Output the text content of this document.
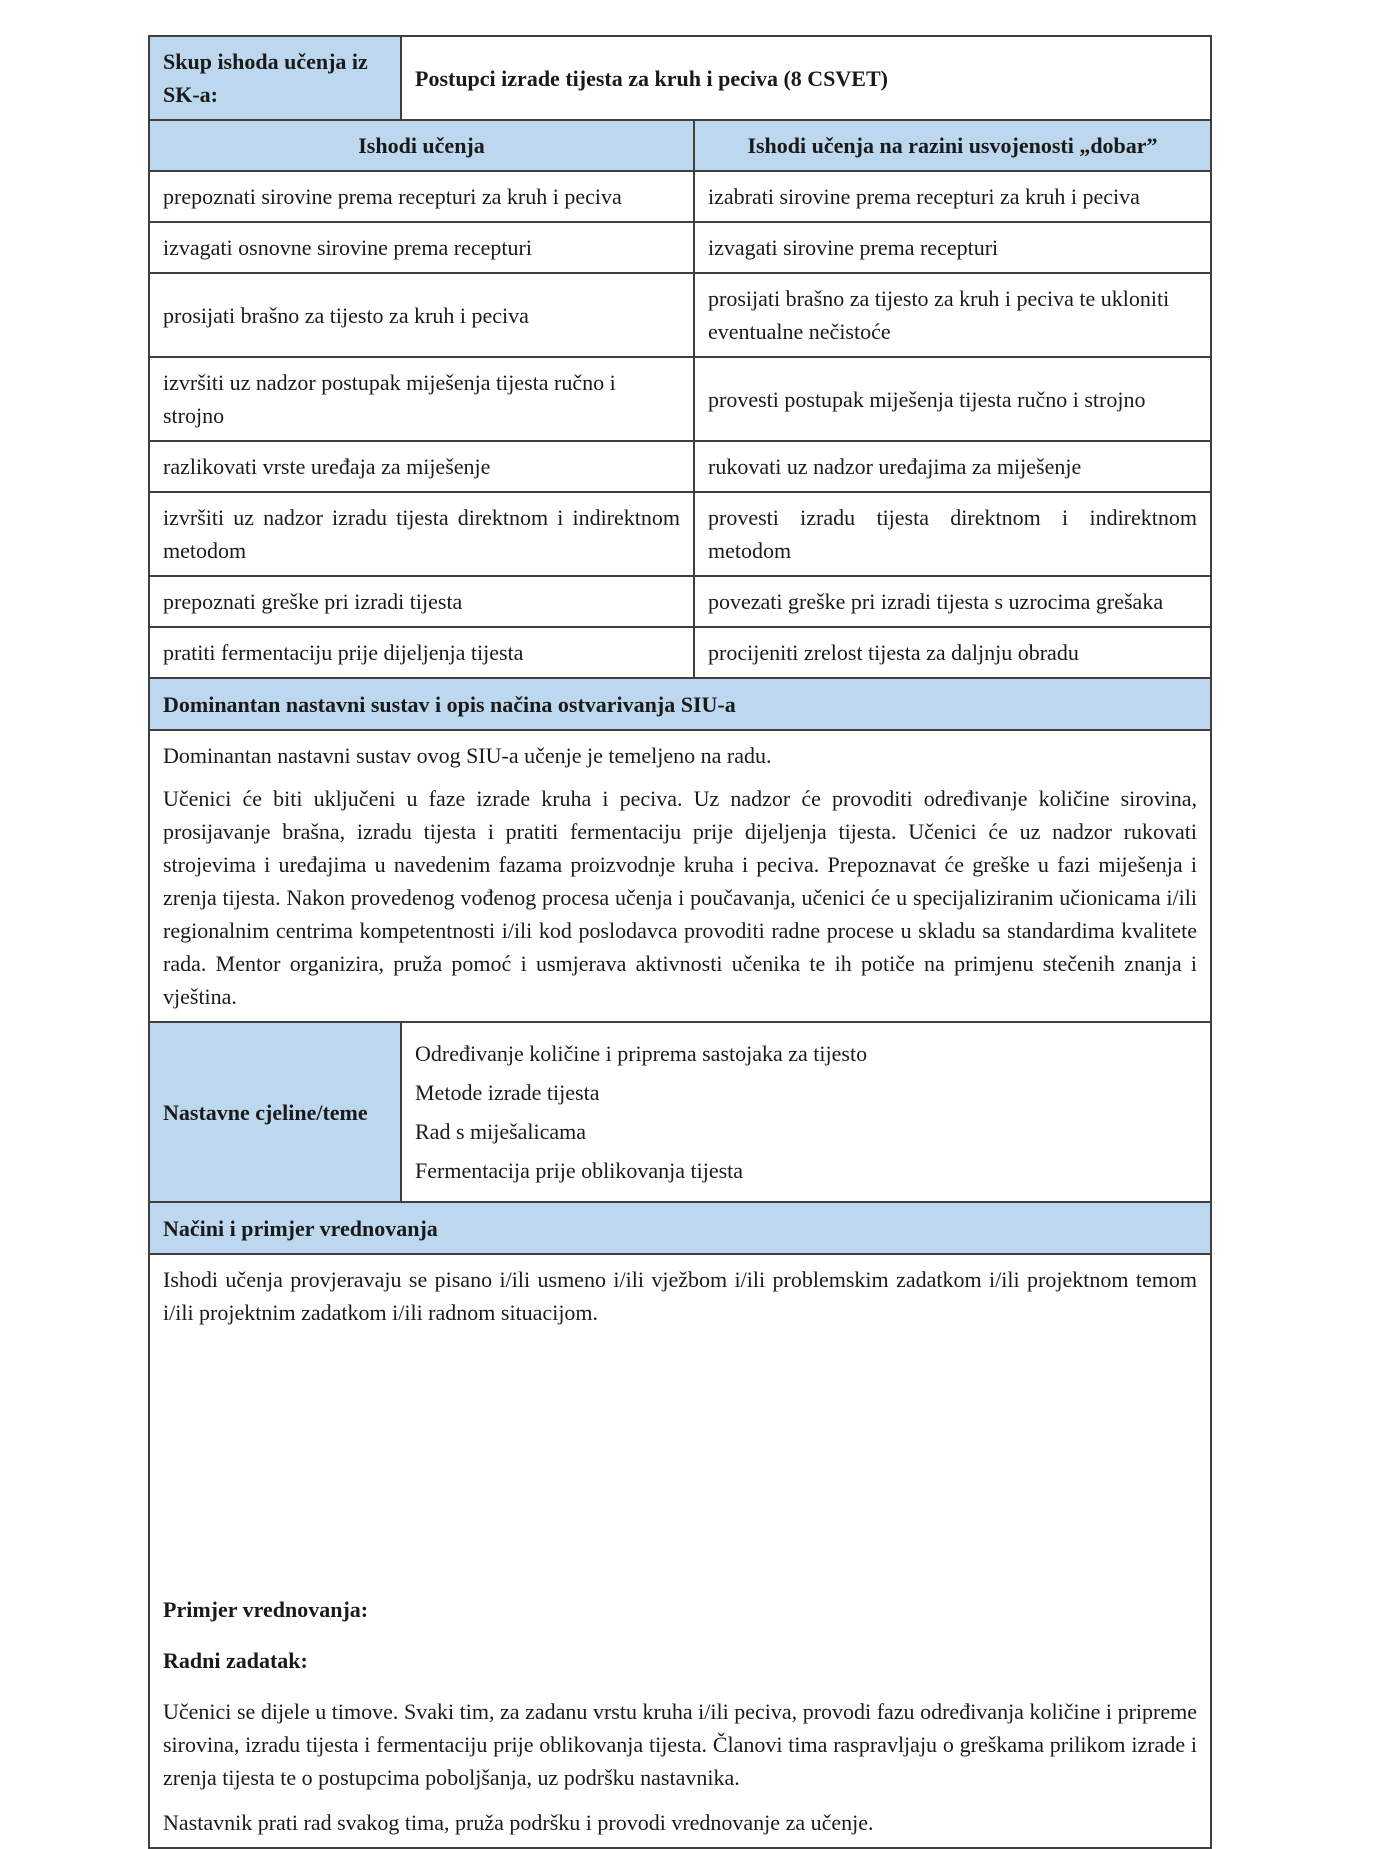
Skup ishoda učenja iz SK-a:	Postupci izrade tijesta za kruh i peciva (8 CSVET)	
Ishodi učenja		Ishodi učenja na razini usvojenosti „dobar”
prepoznati sirovine prema recepturi za kruh i peciva		izabrati sirovine prema recepturi za kruh i peciva
izvagati osnovne sirovine prema recepturi		izvagati sirovine prema recepturi
prosijati brašno za tijesto za kruh i peciva		prosijati brašno za tijesto za kruh i peciva te ukloniti eventualne nečistoće
izvršiti uz nadzor postupak miješenja tijesta ručno i strojno		provesti postupak miješenja tijesta ručno i strojno
razlikovati vrste uređaja za miješenje		rukovati uz nadzor uređajima za miješenje
izvršiti uz nadzor izradu tijesta direktnom i indirektnom metodom		provesti izradu tijesta direktnom i indirektnom metodom
prepoznati greške pri izradi tijesta		povezati greške pri izradi tijesta s uzrocima grešaka
pratiti fermentaciju prije dijeljenja tijesta		procijeniti zrelost tijesta za daljnju obradu
Dominantan nastavni sustav i opis načina ostvarivanja SIU-a		

Dominantan nastavni sustav ovog SIU-a učenje je temeljeno na radu.

Učenici će biti uključeni u faze izrade kruha i peciva. Uz nadzor će provoditi određivanje količine sirovina, prosijavanje brašna, izradu tijesta i pratiti fermentaciju prije dijeljenja tijesta. Učenici će uz nadzor rukovati strojevima i uređajima u navedenim fazama proizvodnje kruha i peciva. Prepoznavat će greške u fazi miješenja i zrenja tijesta. Nakon provedenog vođenog procesa učenja i poučavanja, učenici će u specijaliziranim učionicama i/ili regionalnim centrima kompetentnosti i/ili kod poslodavca provoditi radne procese u skladu sa standardima kvalitete rada. Mentor organizira, pruža pomoć i usmjerava aktivnosti učenika te ih potiče na primjenu stečenih znanja i vještina.		

Nastavne cjeline/teme	Određivanje količine i priprema sastojaka za tijesto
Metode izrade tijesta
Rad s miješalicama
Fermentacija prije oblikovanja tijesta	

Načini i primjer vrednovanja		

Ishodi učenja provjeravaju se pisano i/ili usmeno i/ili vježbom i/ili problemskim zadatkom i/ili projektnom temom i/ili projektnim zadatkom i/ili radnom situacijom.

Primjer vrednovanja:

Radni zadatak:

Učenici se dijele u timove. Svaki tim, za zadanu vrstu kruha i/ili peciva, provodi fazu određivanja količine i pripreme sirovina, izradu tijesta i fermentaciju prije oblikovanja tijesta. Članovi tima raspravljaju o greškama prilikom izrade i zrenja tijesta te o postupcima poboljšanja, uz podršku nastavnika.

Nastavnik prati rad svakog tima, pruža podršku i provodi vrednovanje za učenje.		
